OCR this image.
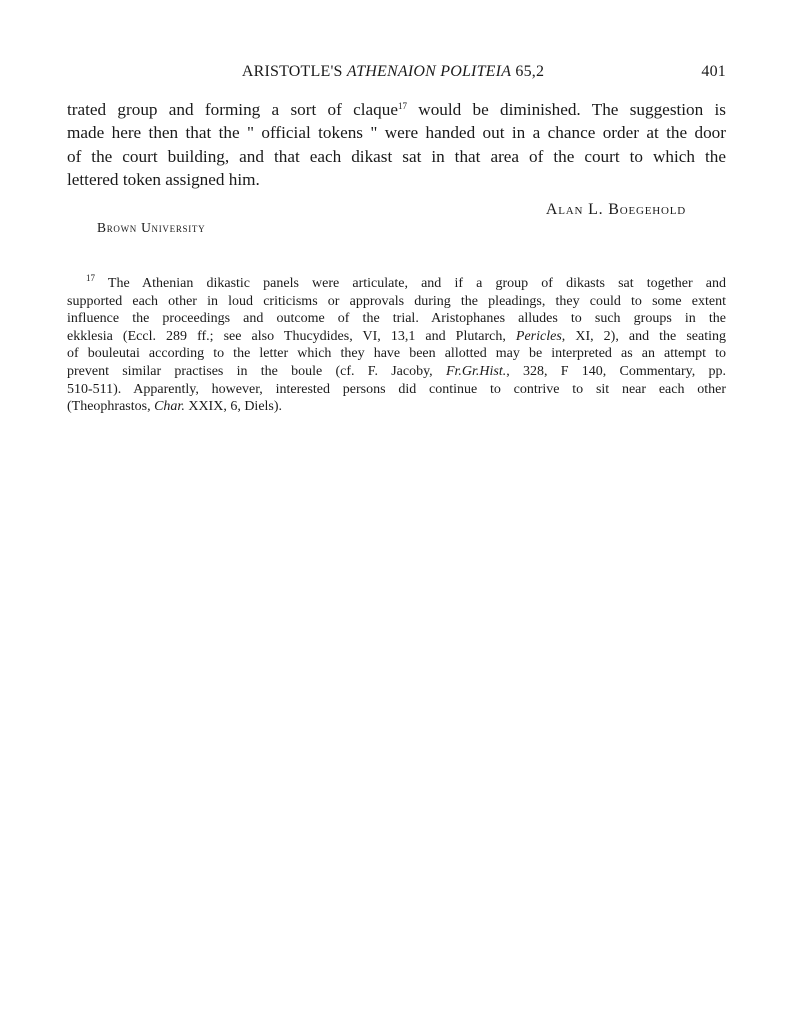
ARISTOTLE'S ATHENAION POLITEIA 65,2	401

trated group and forming a sort of claque$^{17}$ would be diminished. The suggestion is
made here then that the " official tokens " were handed out in a chance order at the door
of the court building, and that each dikast sat in that area of the court to which the
lettered token assigned him.

Alan L. Boegehold
Brown University

$^{17}$ The Athenian dikastic panels were articulate, and if a group of dikasts sat together and
supported each other in loud criticisms or approvals during the pleadings, they could to some extent
influence the proceedings and outcome of the trial. Aristophanes alludes to such groups in the
ekklesia (Eccl. 289 ff.; see also Thucydides, VI, 13,1 and Plutarch, Pericles, XI, 2), and the seating
of bouleutai according to the letter which they have been allotted may be interpreted as an attempt to
prevent similar practises in the boule (cf. F. Jacoby, Fr.Gr.Hist., 328, F 140, Commentary, pp.
510-511). Apparently, however, interested persons did continue to contrive to sit near each other
(Theophrastos, Char. XXIX, 6, Diels).
